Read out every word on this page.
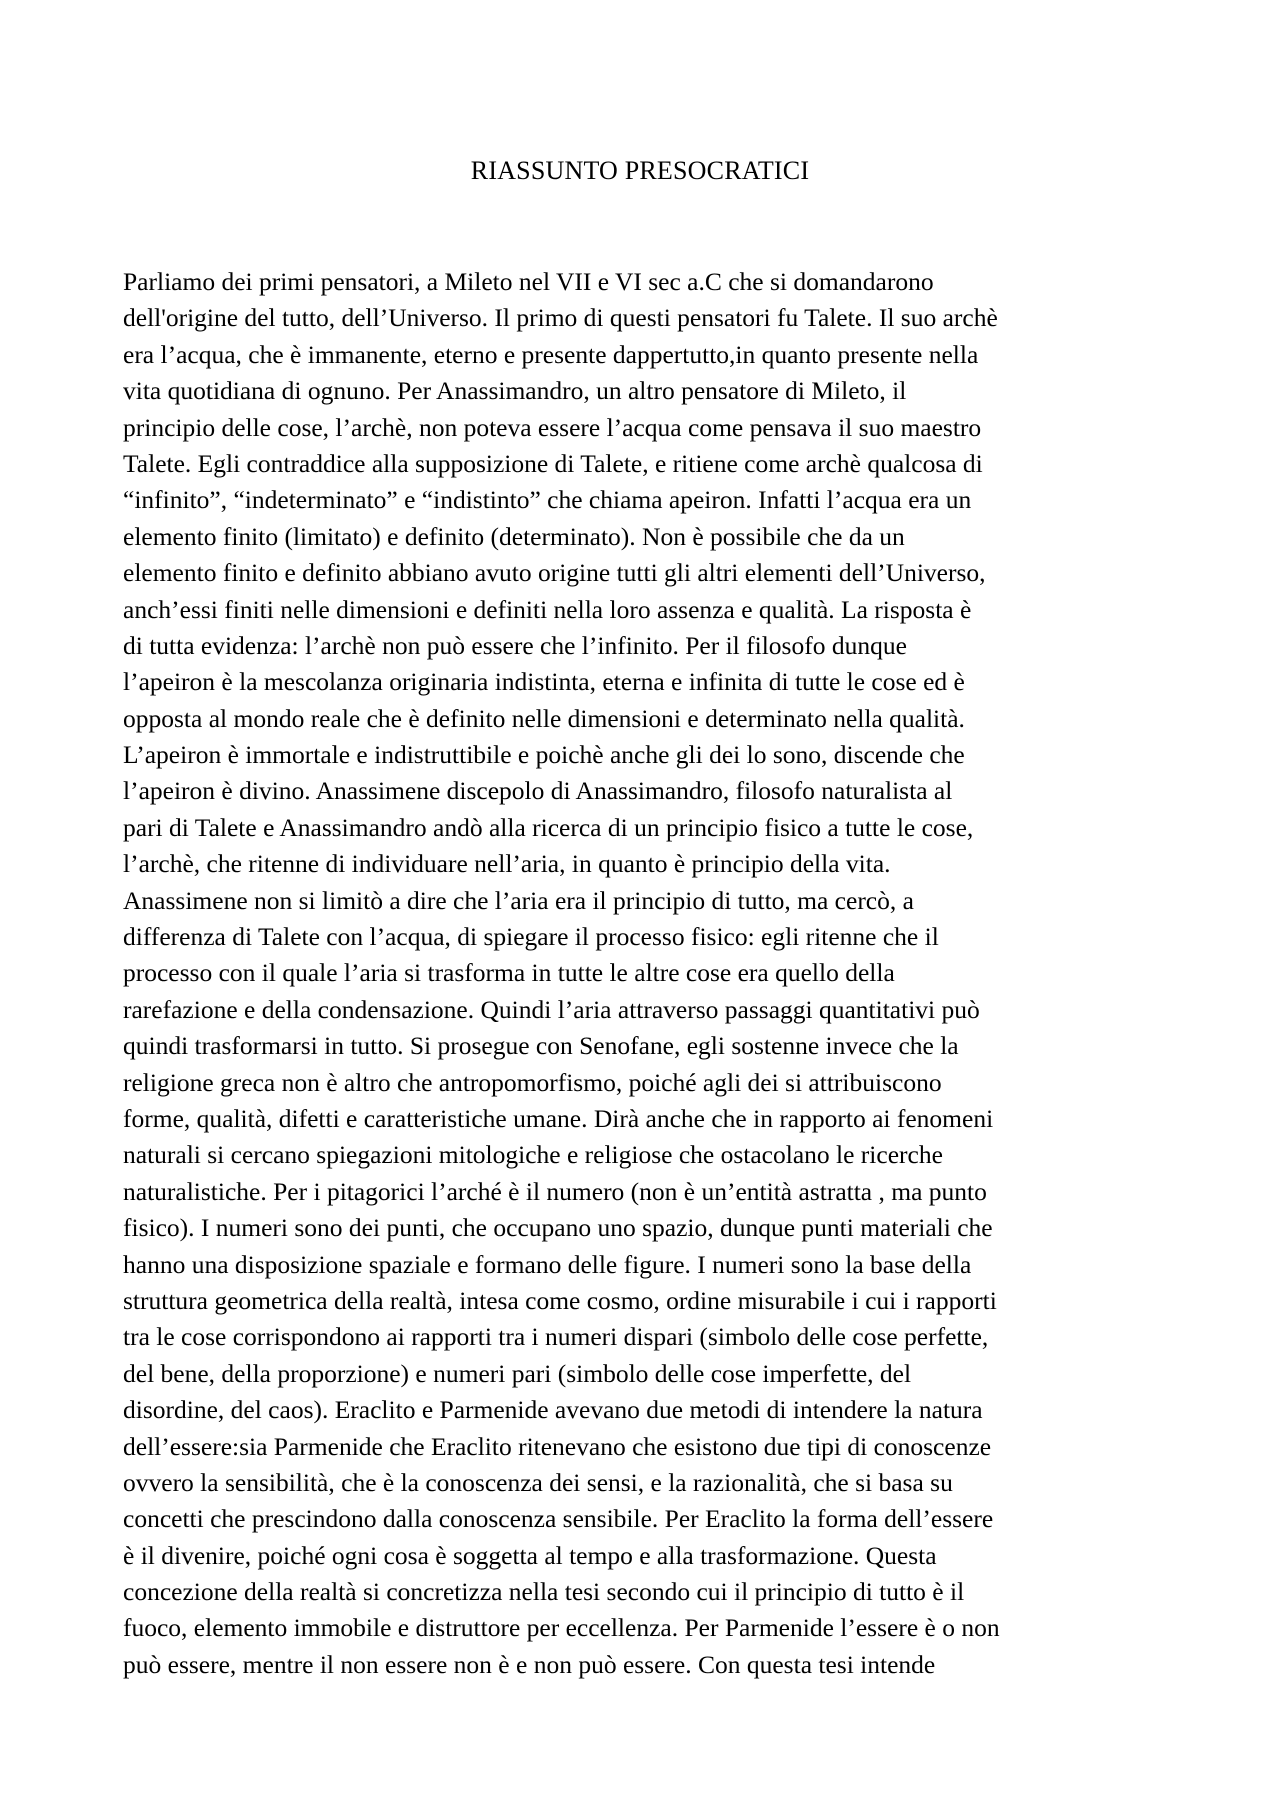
RIASSUNTO PRESOCRATICI
Parliamo dei primi pensatori, a Mileto nel VII e VI sec a.C che si domandarono
dell'origine del tutto, dell’Universo. Il primo di questi pensatori fu Talete. Il suo archè
era l’acqua, che è immanente, eterno e presente dappertutto,in quanto presente nella
vita quotidiana di ognuno. Per Anassimandro, un altro pensatore di Mileto, il
principio delle cose, l’archè, non poteva essere l’acqua come pensava il suo maestro
Talete. Egli contraddice alla supposizione di Talete, e ritiene come archè qualcosa di
“infinito”, “indeterminato” e “indistinto” che chiama apeiron. Infatti l’acqua era un
elemento finito (limitato) e definito (determinato). Non è possibile che da un
elemento finito e definito abbiano avuto origine tutti gli altri elementi dell’Universo,
anch’essi finiti nelle dimensioni e definiti nella loro assenza e qualità. La risposta è
di tutta evidenza: l’archè non può essere che l’infinito. Per il filosofo dunque
l’apeiron è la mescolanza originaria indistinta, eterna e infinita di tutte le cose ed è
opposta al mondo reale che è definito nelle dimensioni e determinato nella qualità.
L’apeiron è immortale e indistruttibile e poichè anche gli dei lo sono, discende che
l’apeiron è divino. Anassimene discepolo di Anassimandro, filosofo naturalista al
pari di Talete e Anassimandro andò alla ricerca di un principio fisico a tutte le cose,
l’archè, che ritenne di individuare nell’aria, in quanto è principio della vita.
Anassimene non si limitò a dire che l’aria era il principio di tutto, ma cercò, a
differenza di Talete con l’acqua, di spiegare il processo fisico: egli ritenne che il
processo con il quale l’aria si trasforma in tutte le altre cose era quello della
rarefazione e della condensazione. Quindi l’aria attraverso passaggi quantitativi può
quindi trasformarsi in tutto. Si prosegue con Senofane, egli sostenne invece che la
religione greca non è altro che antropomorfismo, poiché agli dei si attribuiscono
forme, qualità, difetti e caratteristiche umane. Dirà anche che in rapporto ai fenomeni
naturali si cercano spiegazioni mitologiche e religiose che ostacolano le ricerche
naturalistiche. Per i pitagorici l’arché è il numero (non è un’entità astratta , ma punto
fisico). I numeri sono dei punti, che occupano uno spazio, dunque punti materiali che
hanno una disposizione spaziale e formano delle figure. I numeri sono la base della
struttura geometrica della realtà, intesa come cosmo, ordine misurabile i cui i rapporti
tra le cose corrispondono ai rapporti tra i numeri dispari (simbolo delle cose perfette,
del bene, della proporzione) e numeri pari (simbolo delle cose imperfette, del
disordine, del caos). Eraclito e Parmenide avevano due metodi di intendere la natura
dell’essere:sia Parmenide che Eraclito ritenevano che esistono due tipi di conoscenze
ovvero la sensibilità, che è la conoscenza dei sensi, e la razionalità, che si basa su
concetti che prescindono dalla conoscenza sensibile. Per Eraclito la forma dell’essere
è il divenire, poiché ogni cosa è soggetta al tempo e alla trasformazione. Questa
concezione della realtà si concretizza nella tesi secondo cui il principio di tutto è il
fuoco, elemento immobile e distruttore per eccellenza. Per Parmenide l’essere è o non
può essere, mentre il non essere non è e non può essere. Con questa tesi intende
